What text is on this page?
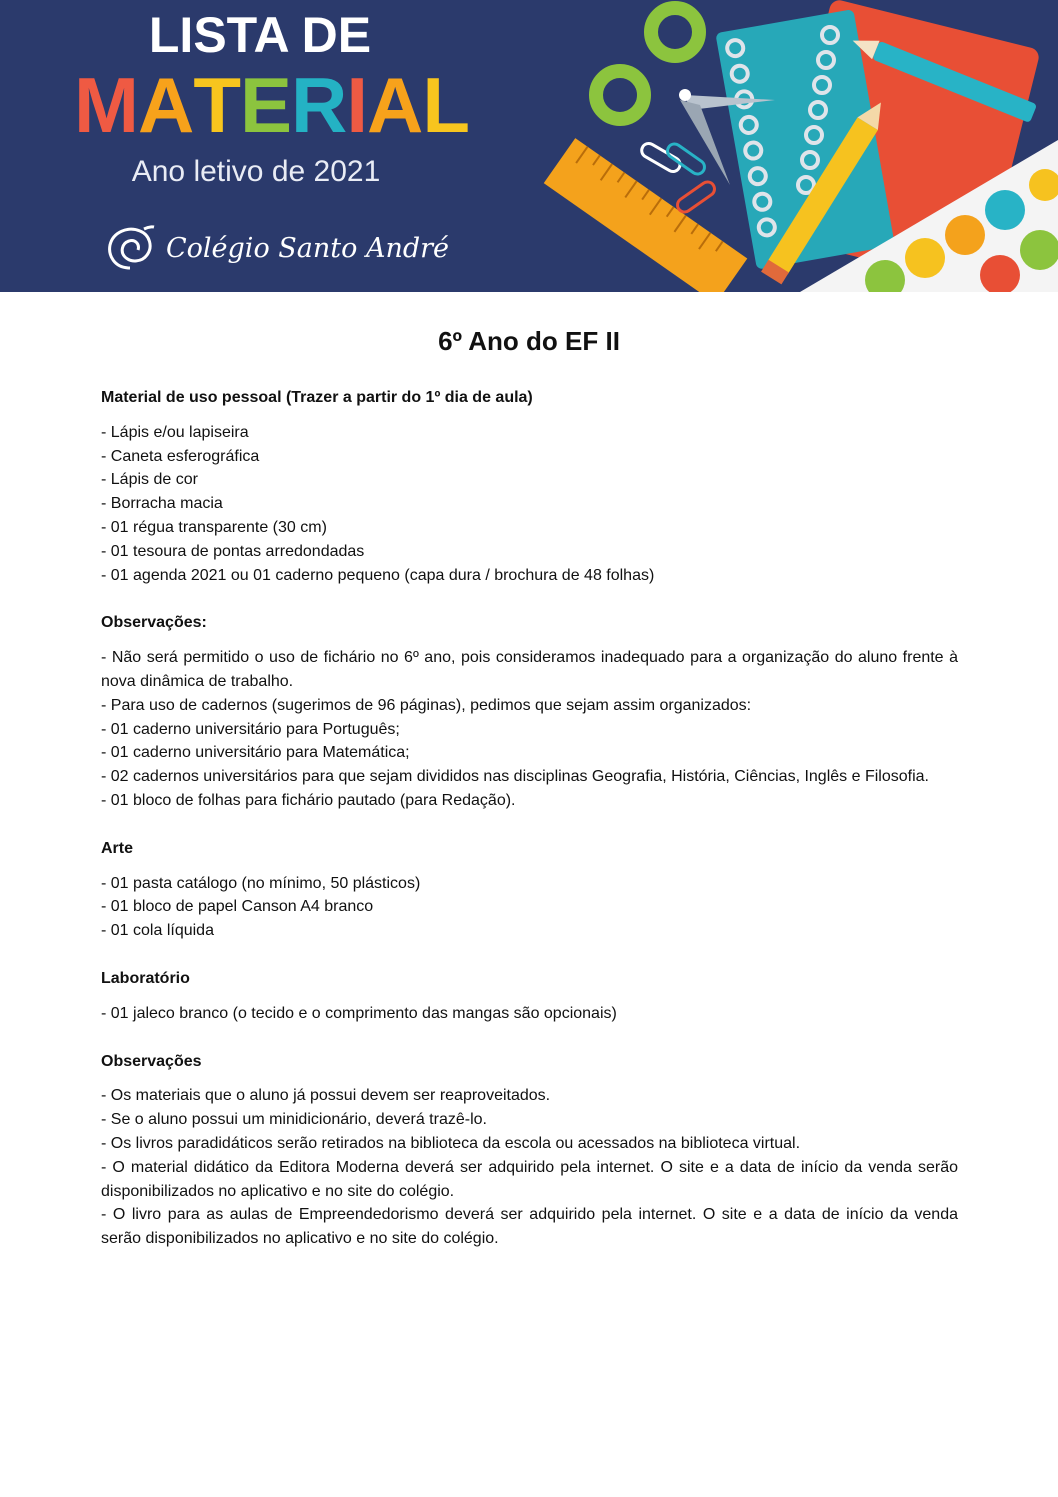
LISTA DE
MATERIAL
Ano letivo de 2021
Colégio Santo André
6º Ano do EF II
Material de uso pessoal (Trazer a partir do 1º dia de aula)
- Lápis e/ou lapiseira
- Caneta esferográfica
- Lápis de cor
- Borracha macia
- 01 régua transparente (30 cm)
- 01 tesoura de pontas arredondadas
- 01 agenda 2021 ou 01 caderno pequeno (capa dura / brochura de 48 folhas)
Observações:
- Não será permitido o uso de fichário no 6º ano, pois consideramos inadequado para a organização do aluno frente à nova dinâmica de trabalho.
- Para uso de cadernos (sugerimos de 96 páginas), pedimos que sejam assim organizados:
- 01 caderno universitário para Português;
- 01 caderno universitário para Matemática;
- 02 cadernos universitários para que sejam divididos nas disciplinas Geografia, História, Ciências, Inglês e Filosofia.
- 01 bloco de folhas para fichário pautado (para Redação).
Arte
- 01 pasta catálogo (no mínimo, 50 plásticos)
- 01 bloco de papel Canson A4 branco
- 01 cola líquida
Laboratório
- 01 jaleco branco (o tecido e o comprimento das mangas são opcionais)
Observações
- Os materiais que o aluno já possui devem ser reaproveitados.
- Se o aluno possui um minidicionário, deverá trazê-lo.
- Os livros paradidáticos serão retirados na biblioteca da escola ou acessados na biblioteca virtual.
- O material didático da Editora Moderna deverá ser adquirido pela internet. O site e a data de início da venda serão disponibilizados no aplicativo e no site do colégio.
- O livro para as aulas de Empreendedorismo deverá ser adquirido pela internet. O site e a data de início da venda serão disponibilizados no aplicativo e no site do colégio.
